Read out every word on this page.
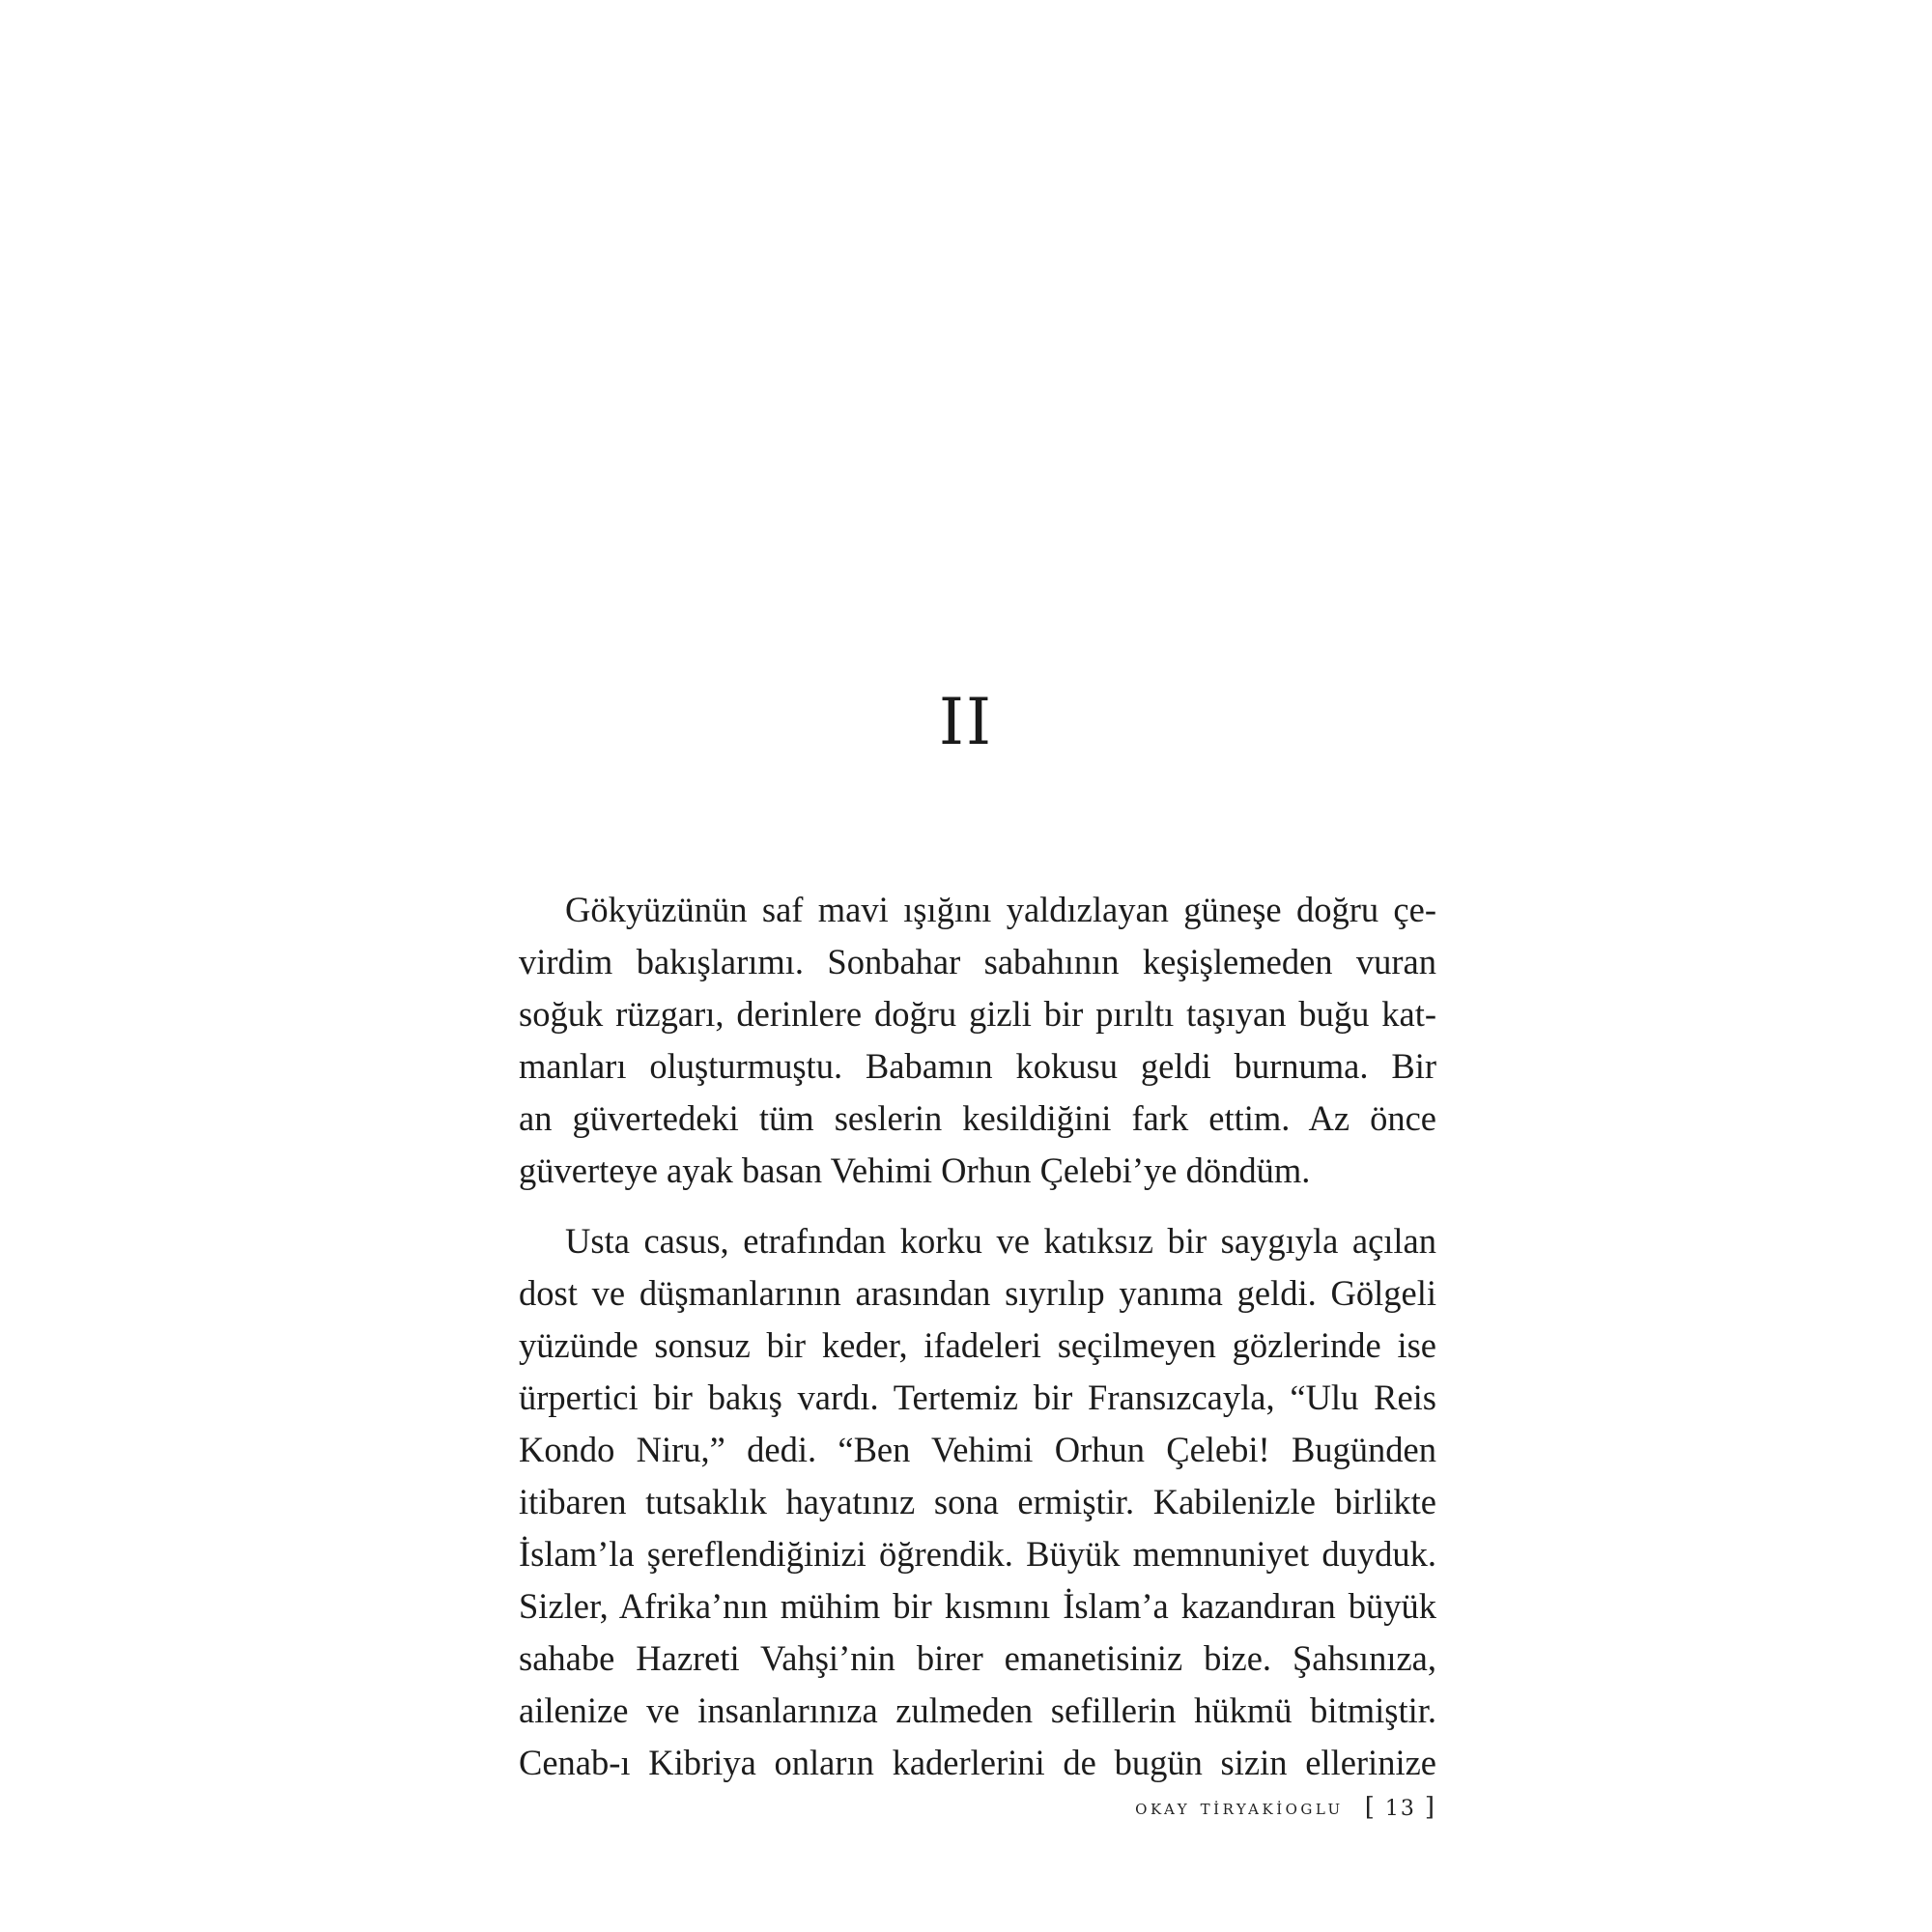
II
Gökyüzünün saf mavi ışığını yaldızlayan güneşe doğru çe-
virdim bakışlarımı. Sonbahar sabahının keşişlemeden vuran
soğuk rüzgarı, derinlere doğru gizli bir pırıltı taşıyan buğu kat-
manları oluşturmuştu. Babamın kokusu geldi burnuma. Bir
an güvertedeki tüm seslerin kesildiğini fark ettim. Az önce
güverteye ayak basan Vehimi Orhun Çelebi’ye döndüm.
Usta casus, etrafından korku ve katıksız bir saygıyla açılan
dost ve düşmanlarının arasından sıyrılıp yanıma geldi. Gölgeli
yüzünde sonsuz bir keder, ifadeleri seçilmeyen gözlerinde ise
ürpertici bir bakış vardı. Tertemiz bir Fransızcayla, “Ulu Reis
Kondo Niru,” dedi. “Ben Vehimi Orhun Çelebi! Bugünden
itibaren tutsaklık hayatınız sona ermiştir. Kabilenizle birlikte
İslam’la şereflendiğinizi öğrendik. Büyük memnuniyet duyduk.
Sizler, Afrika’nın mühim bir kısmını İslam’a kazandıran büyük
sahabe Hazreti Vahşi’nin birer emanetisiniz bize. Şahsınıza,
ailenize ve insanlarınıza zulmeden sefillerin hükmü bitmiştir.
Cenab-ı Kibriya onların kaderlerini de bugün sizin ellerinize
okay ti̇ryaki̇oglu [ 13 ]
